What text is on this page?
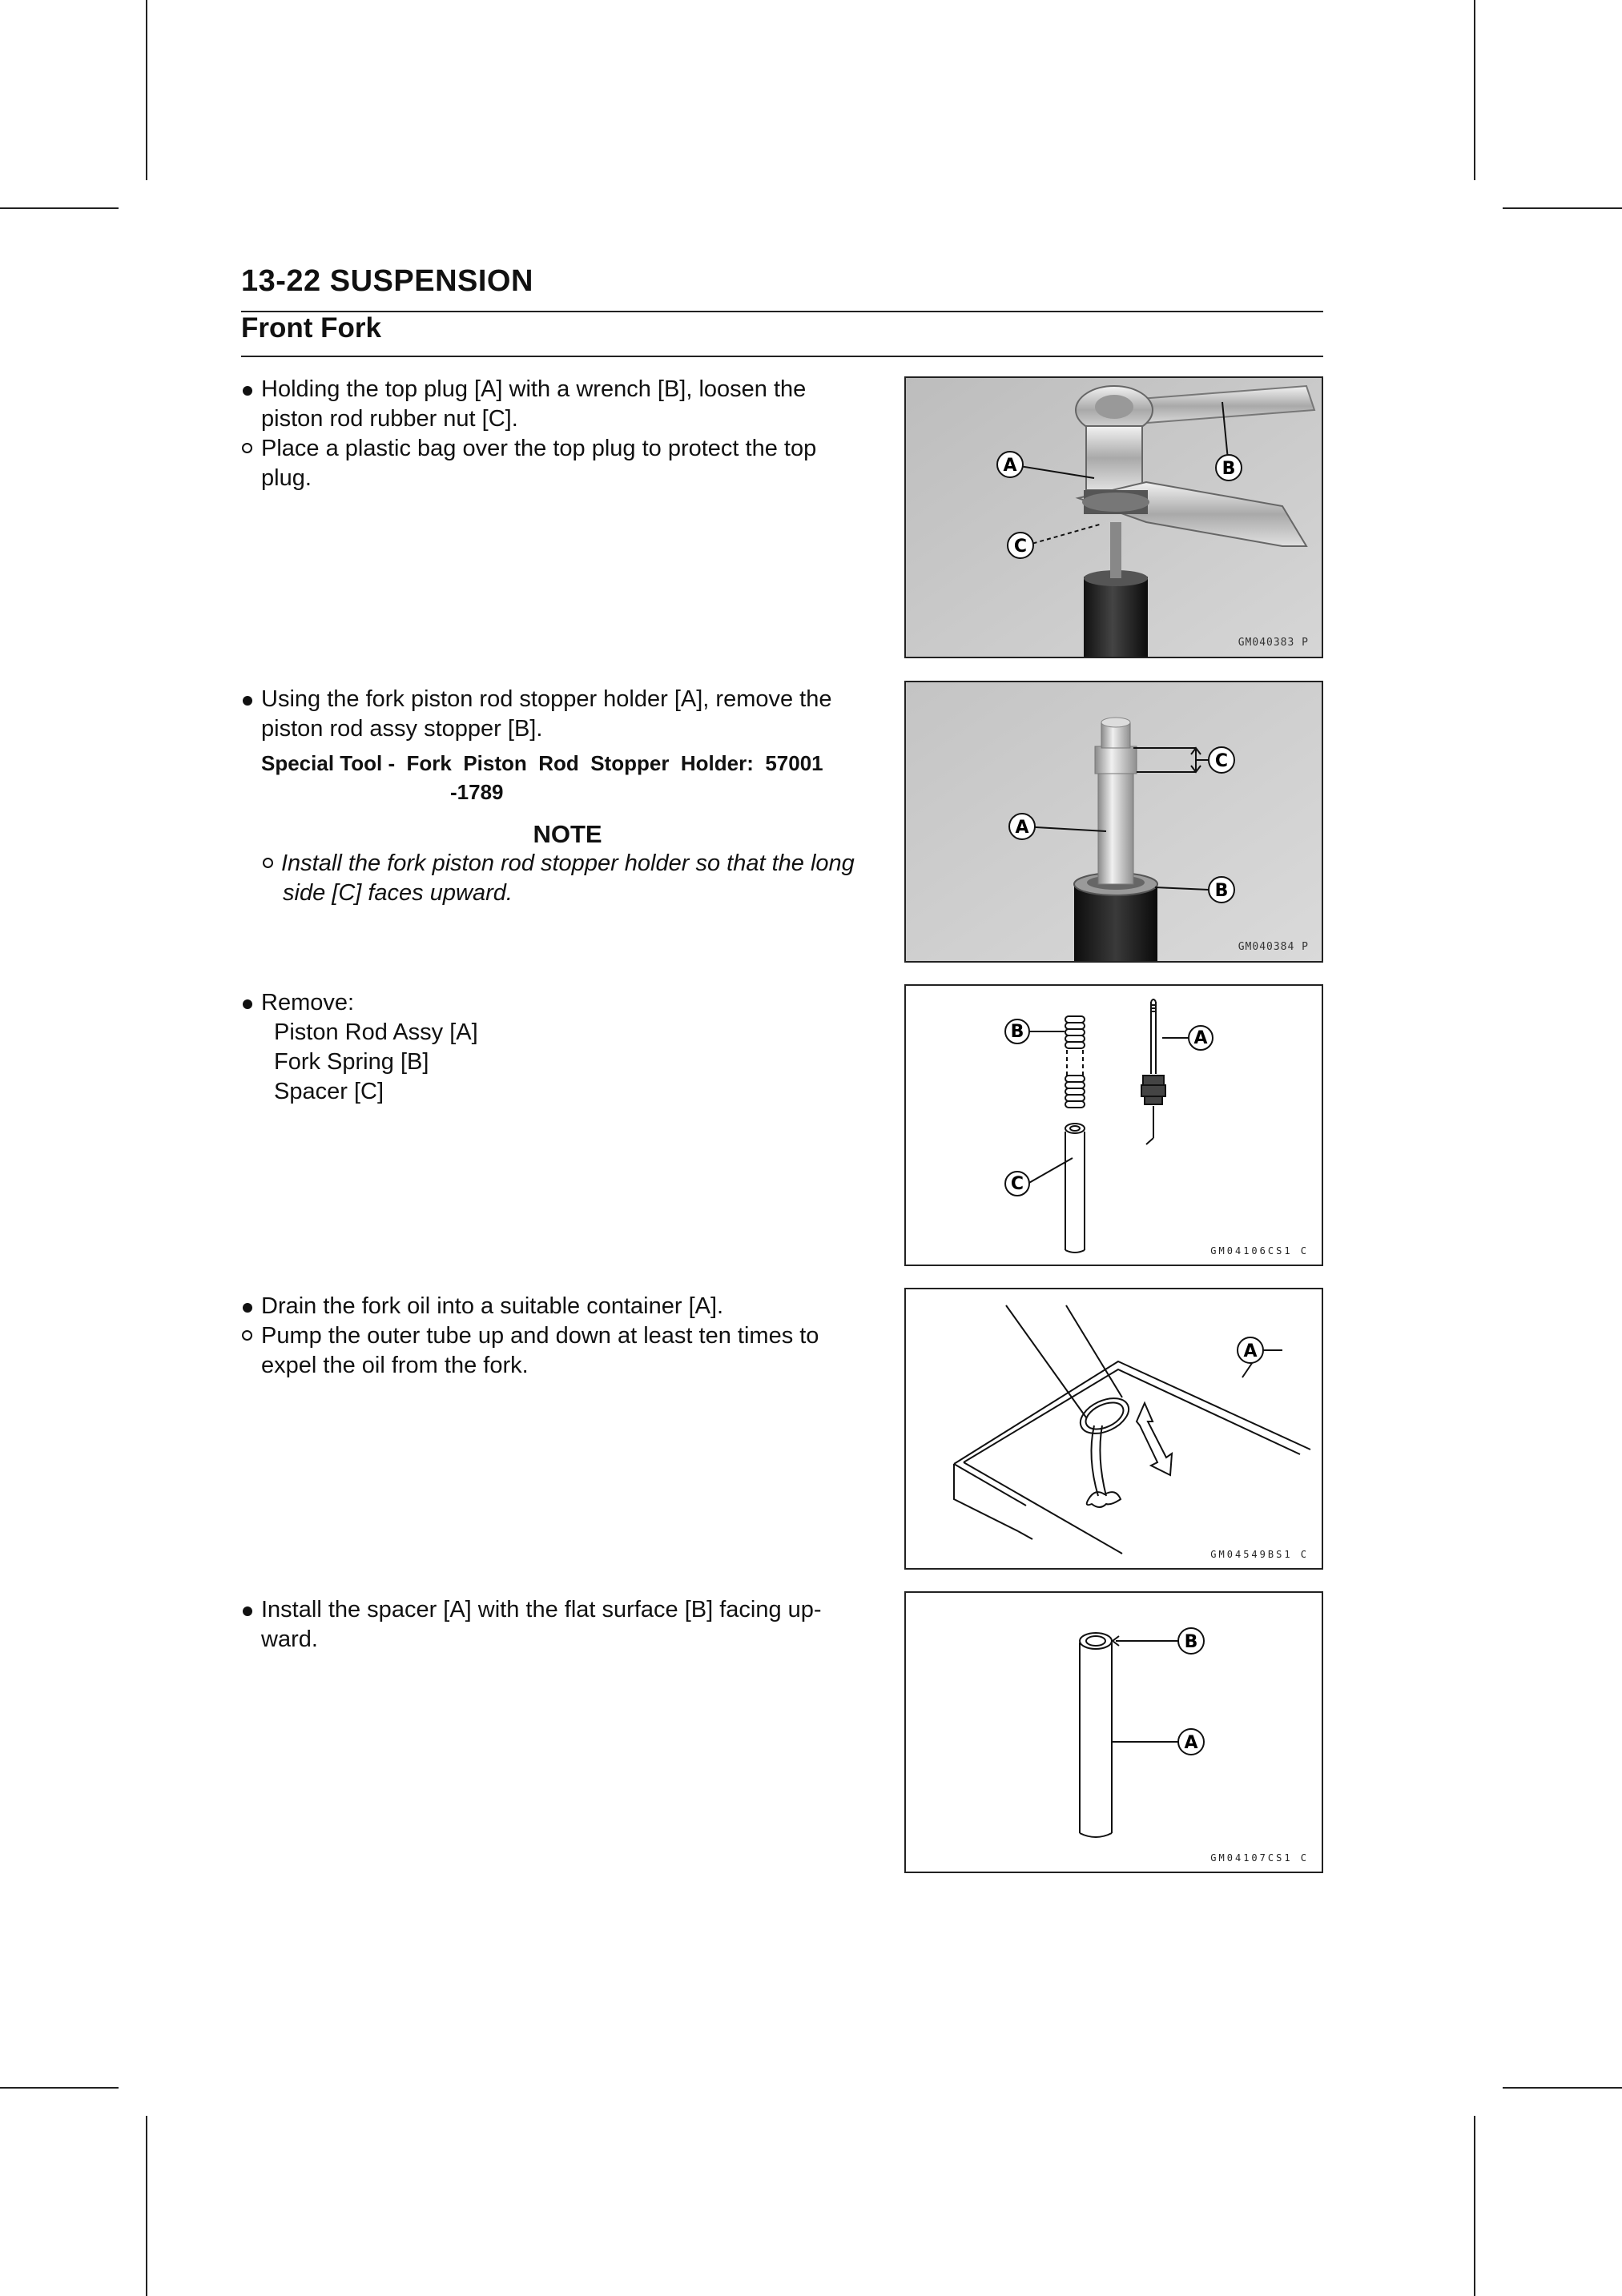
13-22 SUSPENSION
Front Fork
Holding the top plug [A] with a wrench [B], loosen the
piston rod rubber nut [C].
Place a plastic bag over the top plug to protect the top
plug.	A	B
C
GM040383 P
Using the fork piston rod stopper holder [A], remove the
piston rod assy stopper [B].
Special Tool -  Fork  Piston  Rod  Stopper  Holder:  57001
-1789
NOTE
Install the fork piston rod stopper holder so that the long
side [C] faces upward.
C
A
B
GM040384 P
Remove:
Piston Rod Assy [A]
Fork Spring [B]
Spacer [C]
B	A
C
GM04106CS1 C
Drain the fork oil into a suitable container [A].
Pump the outer tube up and down at least ten times to
expel the oil from the fork.
A
GM04549BS1 C
Install the spacer [A] with the flat surface [B] facing up-
ward.	B
A
GM04107CS1 C
